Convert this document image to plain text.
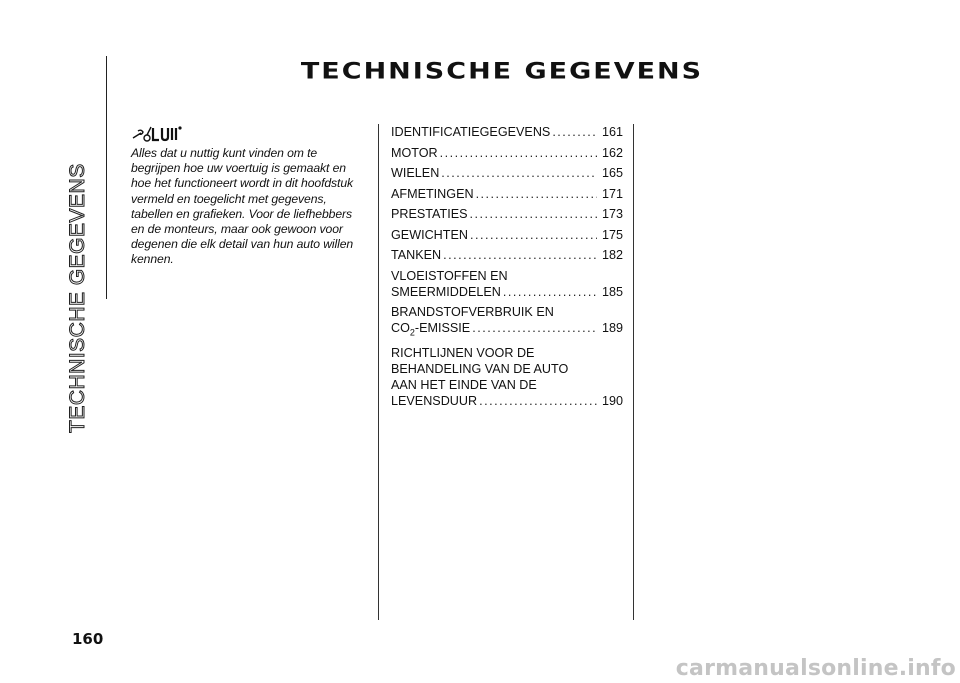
TECHNISCHE GEGEVENS
TECHNISCHE GEGEVENS

Alles dat u nuttig kunt vinden om te begrijpen hoe uw voertuig is gemaakt en hoe het functioneert wordt in dit hoofdstuk vermeld en toegelicht met gegevens, tabellen en grafieken. Voor de liefhebbers en de monteurs, maar ook gewoon voor degenen die elk detail van hun auto willen kennen.

IDENTIFICATIEGEGEVENS .....	161
MOTOR .....	162
WIELEN .....	165
AFMETINGEN .....	171
PRESTATIES .....	173
GEWICHTEN .....	175
TANKEN .....	182
VLOEISTOFFEN EN
SMEERMIDDELEN .....	185
BRANDSTOFVERBRUIK EN
$CO_2$-EMISSIE .....	189
RICHTLIJNEN VOOR DE
BEHANDELING VAN DE AUTO
AAN HET EINDE VAN DE
LEVENSDUUR .....	190
160
carmanualsonline.info
